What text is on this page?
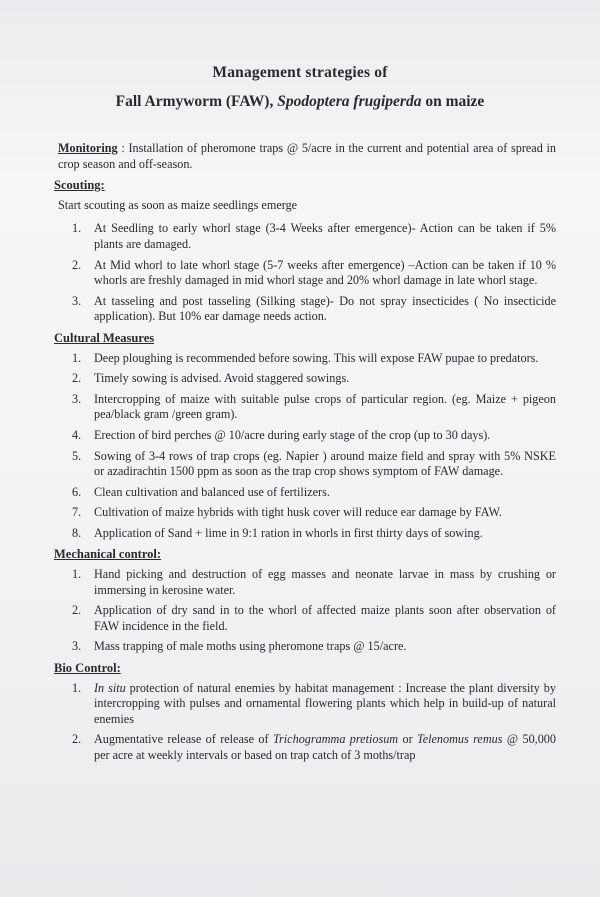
Management strategies of
Fall Armyworm (FAW), Spodoptera frugiperda on maize

Monitoring : Installation of pheromone traps @ 5/acre in the current and potential area of spread in crop season and off-season.

Scouting:
Start scouting as soon as maize seedlings emerge
1. At Seedling to early whorl stage (3-4 Weeks after emergence)- Action can be taken if 5% plants are damaged.
2. At Mid whorl to late whorl stage (5-7 weeks after emergence) –Action can be taken if 10 % whorls are freshly damaged in mid whorl stage and 20% whorl damage in late whorl stage.
3. At tasseling and post tasseling (Silking stage)- Do not spray insecticides ( No insecticide application). But 10% ear damage needs action.
Cultural Measures
1. Deep ploughing is recommended before sowing. This will expose FAW pupae to predators.
2. Timely sowing is advised. Avoid staggered sowings.
3. Intercropping of maize with suitable pulse crops of particular region. (eg. Maize + pigeon pea/black gram /green gram).
4. Erection of bird perches @ 10/acre during early stage of the crop (up to 30 days).
5. Sowing of 3-4 rows of trap crops (eg. Napier ) around maize field and spray with 5% NSKE or azadirachtin 1500 ppm as soon as the trap crop shows symptom of FAW damage.
6. Clean cultivation and balanced use of fertilizers.
7. Cultivation of maize hybrids with tight husk cover will reduce ear damage by FAW.
8. Application of Sand + lime in 9:1 ration in whorls in first thirty days of sowing.
Mechanical control:
1. Hand picking and destruction of egg masses and neonate larvae in mass by crushing or immersing in kerosine water.
2. Application of dry sand in to the whorl of affected maize plants soon after observation of FAW incidence in the field.
3. Mass trapping of male moths using pheromone traps @ 15/acre.
Bio Control:
1. In situ protection of natural enemies by habitat management : Increase the plant diversity by intercropping with pulses and ornamental flowering plants which help in build-up of natural enemies
2. Augmentative release of release of Trichogramma pretiosum or Telenomus remus @ 50,000 per acre at weekly intervals or based on trap catch of 3 moths/trap
